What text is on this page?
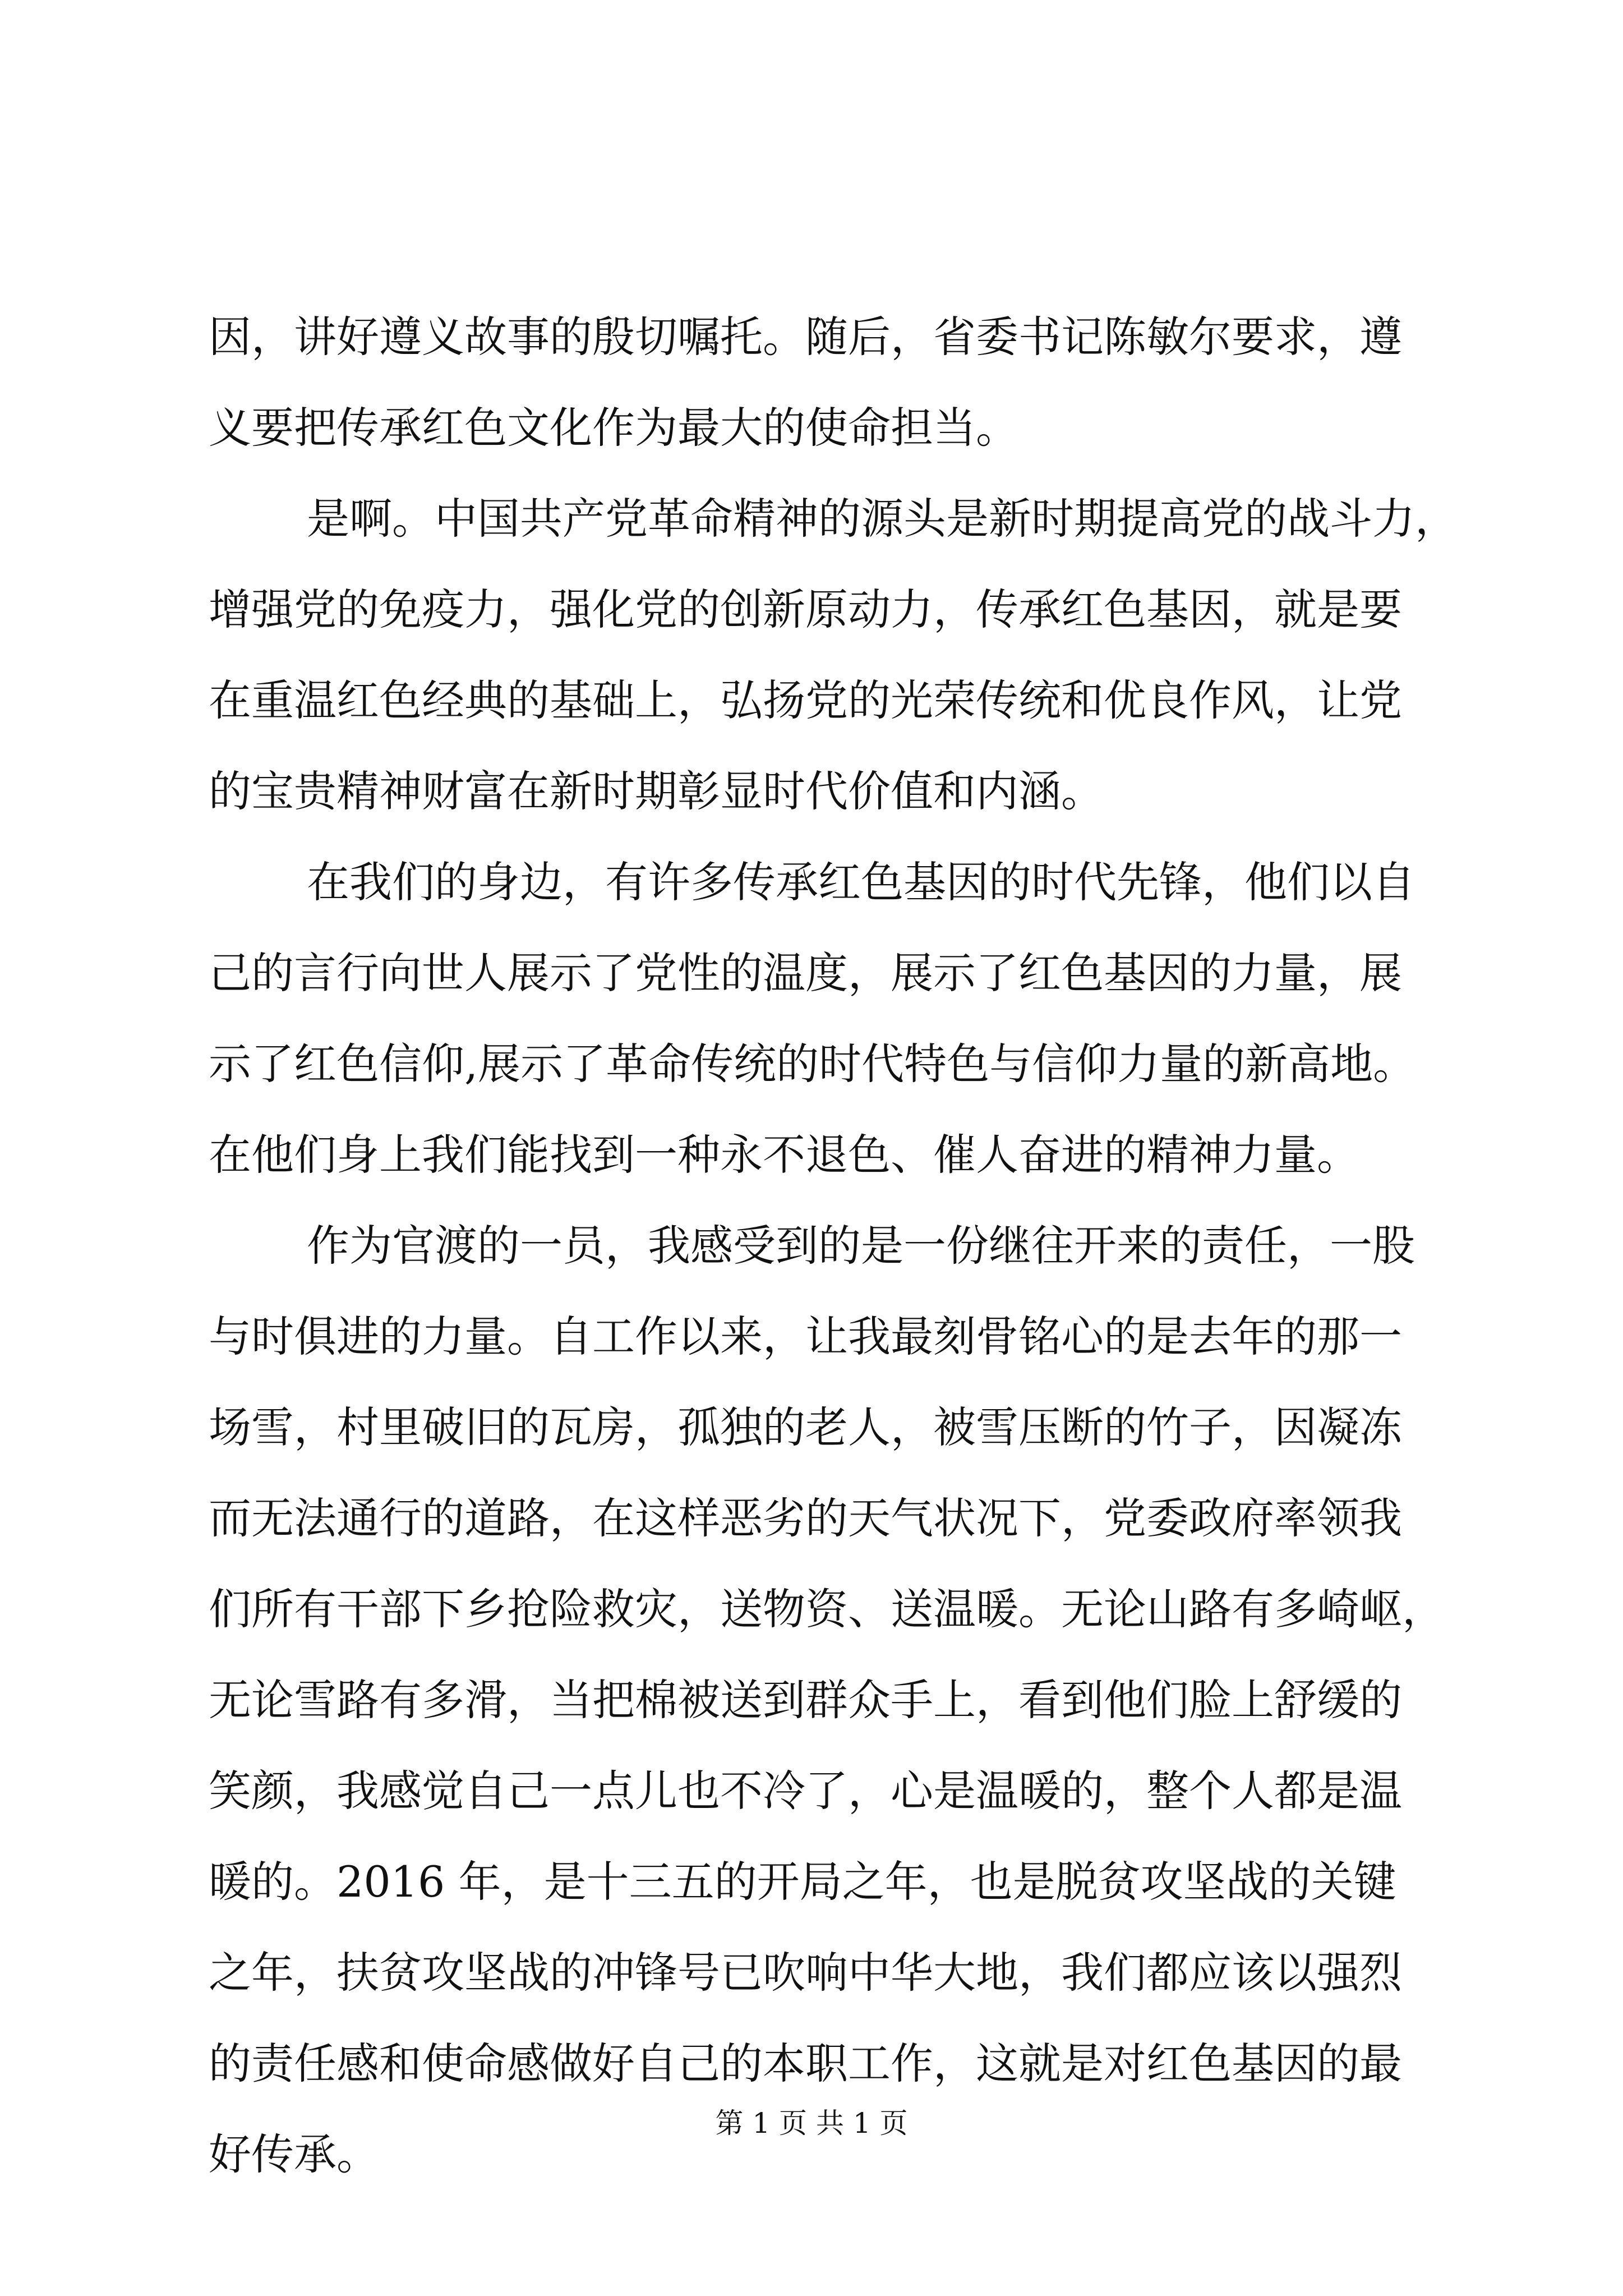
因，讲好遵义故事的殷切嘱托。随后，省委书记陈敏尔要求，遵
义要把传承红色文化作为最大的使命担当。
是啊。中国共产党革命精神的源头是新时期提高党的战斗力，
增强党的免疫力，强化党的创新原动力，传承红色基因，就是要
在重温红色经典的基础上，弘扬党的光荣传统和优良作风，让党
的宝贵精神财富在新时期彰显时代价值和内涵。
在我们的身边，有许多传承红色基因的时代先锋，他们以自
己的言行向世人展示了党性的温度，展示了红色基因的力量，展
示了红色信仰,展示了革命传统的时代特色与信仰力量的新高地。
在他们身上我们能找到一种永不退色、催人奋进的精神力量。
作为官渡的一员，我感受到的是一份继往开来的责任，一股
与时俱进的力量。自工作以来，让我最刻骨铭心的是去年的那一
场雪，村里破旧的瓦房，孤独的老人，被雪压断的竹子，因凝冻
而无法通行的道路，在这样恶劣的天气状况下，党委政府率领我
们所有干部下乡抢险救灾，送物资、送温暖。无论山路有多崎岖，
无论雪路有多滑，当把棉被送到群众手上，看到他们脸上舒缓的
笑颜，我感觉自己一点儿也不冷了，心是温暖的，整个人都是温
暖的。2016 年，是十三五的开局之年，也是脱贫攻坚战的关键
之年，扶贫攻坚战的冲锋号已吹响中华大地，我们都应该以强烈
的责任感和使命感做好自己的本职工作，这就是对红色基因的最
好传承。
第 1 页 共 1 页
